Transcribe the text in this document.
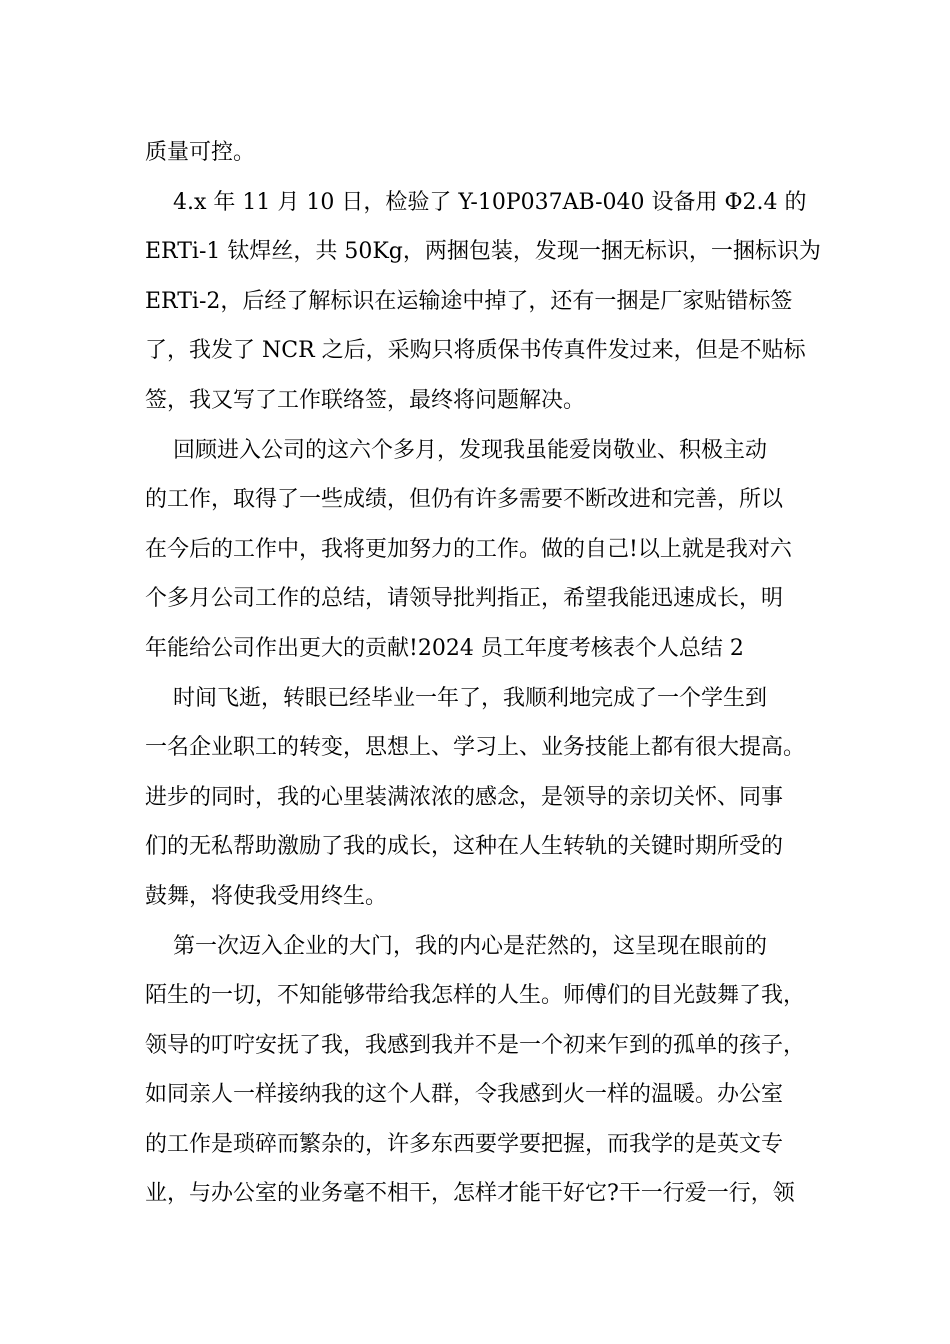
质量可控。
4.x 年 11 月 10 日，检验了 Y-10P037AB-040 设备用 Φ2.4 的
ERTi-1 钛焊丝，共 50Kg，两捆包装，发现一捆无标识，一捆标识为
ERTi-2，后经了解标识在运输途中掉了，还有一捆是厂家贴错标签
了，我发了 NCR 之后，采购只将质保书传真件发过来，但是不贴标
签，我又写了工作联络签，最终将问题解决。
回顾进入公司的这六个多月，发现我虽能爱岗敬业、积极主动
的工作，取得了一些成绩，但仍有许多需要不断改进和完善，所以
在今后的工作中，我将更加努力的工作。做的自己!以上就是我对六
个多月公司工作的总结，请领导批判指正，希望我能迅速成长，明
年能给公司作出更大的贡献!2024 员工年度考核表个人总结 2
时间飞逝，转眼已经毕业一年了，我顺利地完成了一个学生到
一名企业职工的转变，思想上、学习上、业务技能上都有很大提高。
进步的同时，我的心里装满浓浓的感念，是领导的亲切关怀、同事
们的无私帮助激励了我的成长，这种在人生转轨的关键时期所受的
鼓舞，将使我受用终生。
第一次迈入企业的大门，我的内心是茫然的，这呈现在眼前的
陌生的一切，不知能够带给我怎样的人生。师傅们的目光鼓舞了我，
领导的叮咛安抚了我，我感到我并不是一个初来乍到的孤单的孩子，
如同亲人一样接纳我的这个人群，令我感到火一样的温暖。办公室
的工作是琐碎而繁杂的，许多东西要学要把握，而我学的是英文专
业，与办公室的业务毫不相干，怎样才能干好它?干一行爱一行，领
